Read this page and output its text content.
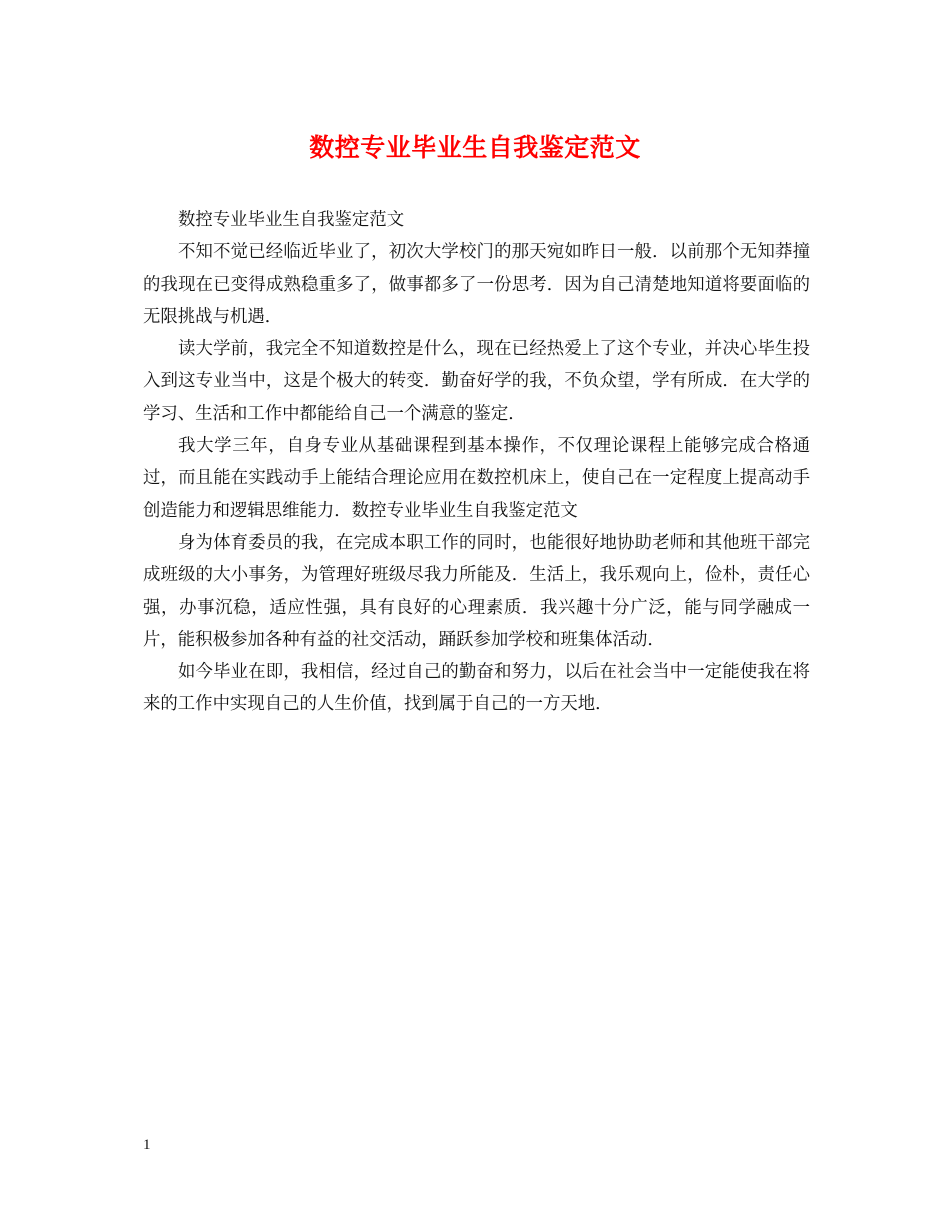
数控专业毕业生自我鉴定范文

数控专业毕业生自我鉴定范文

不知不觉已经临近毕业了，初次大学校门的那天宛如昨日一般．以前那个无知莽撞的我现在已变得成熟稳重多了，做事都多了一份思考．因为自己清楚地知道将要面临的无限挑战与机遇．

读大学前，我完全不知道数控是什么，现在已经热爱上了这个专业，并决心毕生投入到这专业当中，这是个极大的转变．勤奋好学的我，不负众望，学有所成．在大学的学习、生活和工作中都能给自己一个满意的鉴定．

我大学三年，自身专业从基础课程到基本操作，不仅理论课程上能够完成合格通过，而且能在实践动手上能结合理论应用在数控机床上，使自己在一定程度上提高动手创造能力和逻辑思维能力．数控专业毕业生自我鉴定范文

身为体育委员的我，在完成本职工作的同时，也能很好地协助老师和其他班干部完成班级的大小事务，为管理好班级尽我力所能及．生活上，我乐观向上，俭朴，责任心强，办事沉稳，适应性强，具有良好的心理素质．我兴趣十分广泛，能与同学融成一片，能积极参加各种有益的社交活动，踊跃参加学校和班集体活动．

如今毕业在即，我相信，经过自己的勤奋和努力，以后在社会当中一定能使我在将来的工作中实现自己的人生价值，找到属于自己的一方天地．

1
